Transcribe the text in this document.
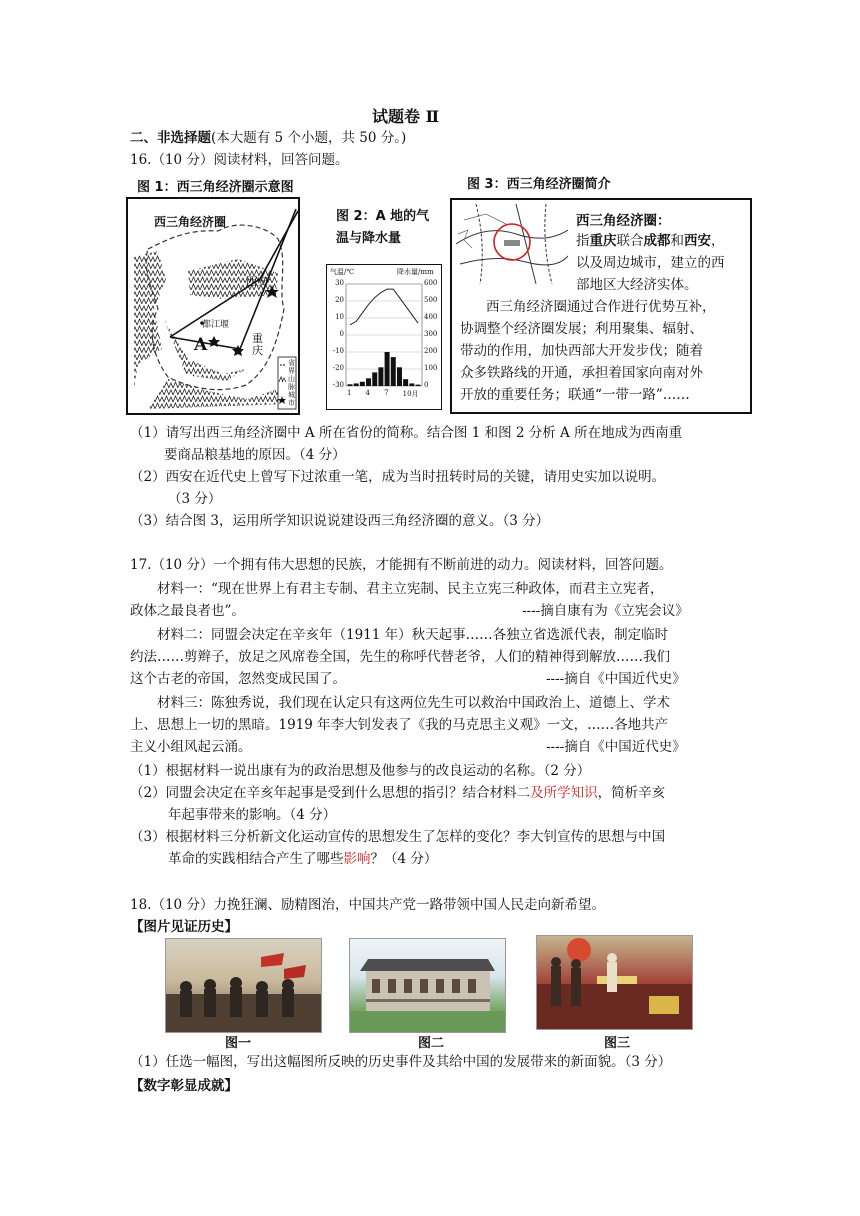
试题卷 Ⅱ
二、非选择题(本大题有 5 个小题，共 50 分。)
16.（10 分）阅读材料，回答问题。
图 1：西三角经济圈示意图	图 3：西三角经济圈简介
西三角经济圈
西安
都江堰
A	重庆
省界
山脉
城市
图 2：A 地的气温与降水量
气温/℃	降水量/mm
30
20
10
0
-10
-20
-30
600
500
400
300
200
100
0
1 4 7 10月
西三角经济圈：
指重庆联合成都和西安，
以及周边城市，建立的西
部地区大经济实体。
西三角经济圈通过合作进行优势互补，
协调整个经济圈发展；利用聚集、辐射、
带动的作用，加快西部大开发步伐；随着
众多铁路线的开通，承担着国家向南对外
开放的重要任务；联通“一带一路”……
（1）请写出西三角经济圈中 A 所在省份的简称。结合图 1 和图 2 分析 A 所在地成为西南重
要商品粮基地的原因。（4 分）
（2）西安在近代史上曾写下过浓重一笔，成为当时扭转时局的关键，请用史实加以说明。
（3 分）
（3）结合图 3，运用所学知识说说建设西三角经济圈的意义。（3 分）
17.（10 分）一个拥有伟大思想的民族，才能拥有不断前进的动力。阅读材料，回答问题。
材料一：“现在世界上有君主专制、君主立宪制、民主立宪三种政体，而君主立宪者，
政体之最良者也”。	----摘自康有为《立宪会议》
材料二：同盟会决定在辛亥年（1911 年）秋天起事……各独立省选派代表，制定临时
约法……剪辫子，放足之风席卷全国，先生的称呼代替老爷，人们的精神得到解放……我们
这个古老的帝国，忽然变成民国了。	----摘自《中国近代史》
材料三：陈独秀说，我们现在认定只有这两位先生可以救治中国政治上、道德上、学术
上、思想上一切的黑暗。1919 年李大钊发表了《我的马克思主义观》一文，……各地共产
主义小组风起云涌。	----摘自《中国近代史》
（1）根据材料一说出康有为的政治思想及他参与的改良运动的名称。（2 分）
（2）同盟会决定在辛亥年起事是受到什么思想的指引？结合材料二及所学知识，简析辛亥
年起事带来的影响。（4 分）
（3）根据材料三分析新文化运动宣传的思想发生了怎样的变化？李大钊宣传的思想与中国
革命的实践相结合产生了哪些影响？（4 分）
18.（10 分）力挽狂澜、励精图治，中国共产党一路带领中国人民走向新希望。
【图片见证历史】
图一	图二	图三
（1）任选一幅图，写出这幅图所反映的历史事件及其给中国的发展带来的新面貌。（3 分）
【数字彰显成就】
